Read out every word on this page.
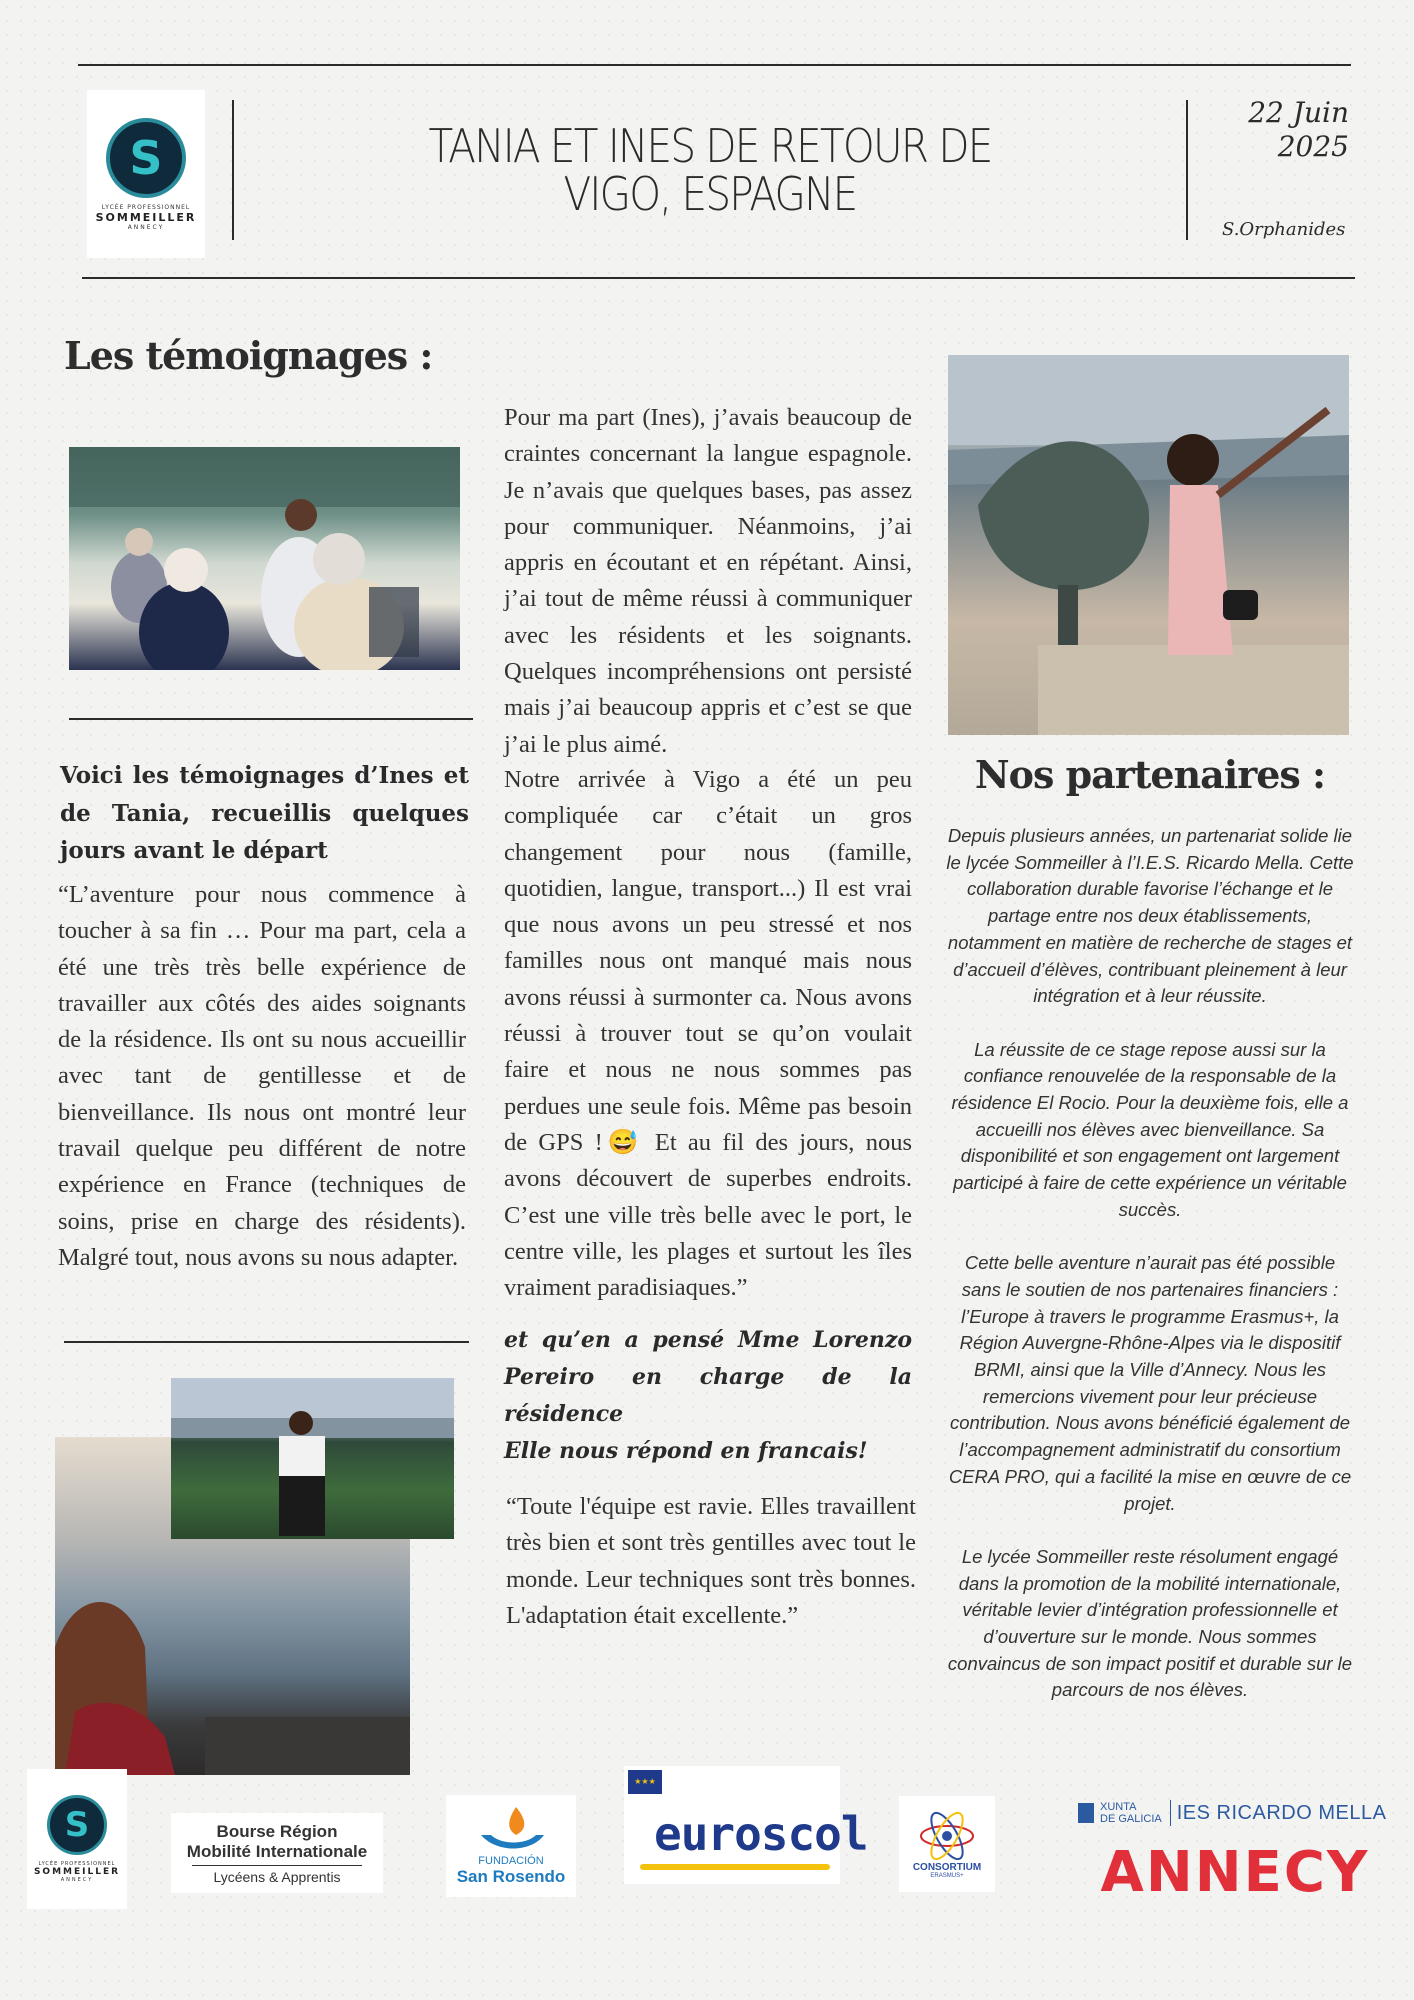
S
LYCÉE PROFESSIONNEL
SOMMEILLER
ANNECY
TANIA ET INES DE RETOUR DE VIGO, ESPAGNE
22 Juin
2025
S.Orphanides
Les témoignages :
Voici les témoignages d’Ines et de Tania, recueillis quelques jours avant le départ
“L’aventure pour nous commence à toucher à sa fin … Pour ma part, cela a été une très très belle expérience de travailler aux côtés des aides soignants de la résidence. Ils ont su nous accueillir avec tant de gentillesse et de bienveillance. Ils nous ont montré leur travail quelque peu différent de notre expérience en France (techniques de soins, prise en charge des résidents). Malgré tout, nous avons su nous adapter.
Pour ma part (Ines), j’avais beaucoup de craintes concernant la langue espagnole. Je n’avais que quelques bases, pas assez pour communiquer. Néanmoins, j’ai appris en écoutant et en répétant. Ainsi, j’ai tout de même réussi à communiquer avec les résidents et les soignants. Quelques incompréhensions ont persisté mais j’ai beaucoup appris et c’est se que j’ai le plus aimé.
Notre arrivée à Vigo a été un peu compliquée car c’était un gros changement pour nous (famille, quotidien, langue, transport...) Il est vrai que nous avons un peu stressé et nos familles nous ont manqué mais nous avons réussi à surmonter ca. Nous avons réussi à trouver tout se qu’on voulait faire et nous ne nous sommes pas perdues une seule fois. Même pas besoin de GPS !😅 Et au fil des jours, nous avons découvert de superbes endroits. C’est une ville très belle avec le port, le centre ville, les plages et surtout les îles vraiment paradisiaques.”
et qu’en a pensé Mme Lorenzo Pereiro en charge de la résidence
Elle nous répond en francais!
“Toute l'équipe est ravie. Elles travaillent très bien et sont très gentilles avec tout le monde. Leur techniques sont très bonnes. L'adaptation était excellente.”
Nos partenaires :

Depuis plusieurs années, un partenariat solide lie le lycée Sommeiller à l’I.E.S. Ricardo Mella. Cette collaboration durable favorise l’échange et le partage entre nos deux établissements, notamment en matière de recherche de stages et d’accueil d’élèves, contribuant pleinement à leur intégration et à leur réussite.

La réussite de ce stage repose aussi sur la confiance renouvelée de la responsable de la résidence El Rocio. Pour la deuxième fois, elle a accueilli nos élèves avec bienveillance. Sa disponibilité et son engagement ont largement participé à faire de cette expérience un véritable succès.

Cette belle aventure n’aurait pas été possible sans le soutien de nos partenaires financiers : l’Europe à travers le programme Erasmus+, la Région Auvergne-Rhône-Alpes via le dispositif BRMI, ainsi que la Ville d’Annecy. Nous les remercions vivement pour leur précieuse contribution. Nous avons bénéficié également de l’accompagnement administratif du consortium CERA PRO, qui a facilité la mise en œuvre de ce projet.

Le lycée Sommeiller reste résolument engagé dans la promotion de la mobilité internationale, véritable levier d’intégration professionnelle et d’ouverture sur le monde. Nous sommes convaincus de son impact positif et durable sur le parcours de nos élèves.

S
LYCÉE PROFESSIONNEL
SOMMEILLER
ANNECY
Bourse Région
Mobilité Internationale
Lycéens & Apprentis
FUNDACIÓN
San Rosendo
★★★
euroscol
CONSORTIUM
ERASMUS+
XUNTA
DE GALICIA IES RICARDO MELLA
ANNECY
